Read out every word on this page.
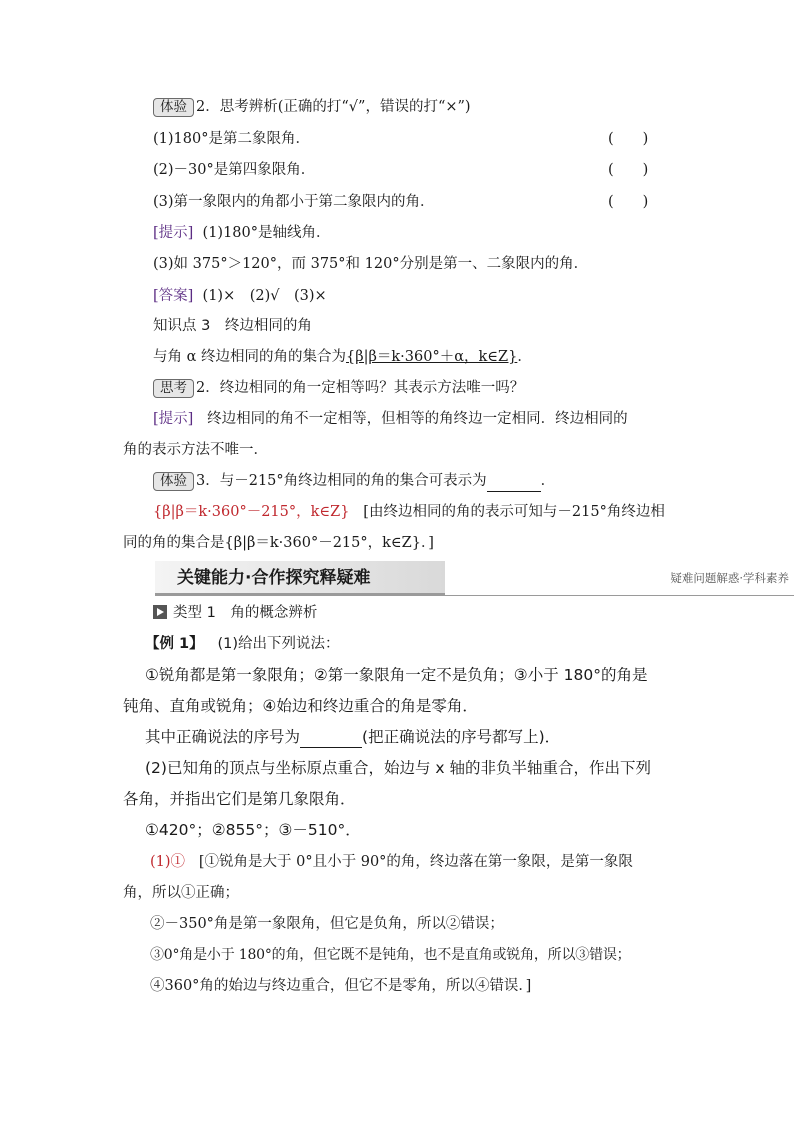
体验 2．思考辨析(正确的打“√”，错误的打“×”)
(1)180°是第二象限角．	(　　)
(2)－30°是第四象限角．	(　　)
(3)第一象限内的角都小于第二象限内的角．	(　　)
[提示] (1)180°是轴线角．
(3)如 375°＞120°，而 375°和 120°分别是第一、二象限内的角．
[答案] (1)×　(2)√　(3)×
知识点 3　终边相同的角
与角 α 终边相同的角的集合为{β|β＝k·360°＋α，k∈Z}．
思考 2．终边相同的角一定相等吗？其表示方法唯一吗？
[提示] 终边相同的角不一定相等，但相等的角终边一定相同．终边相同的
角的表示方法不唯一．
体验 3．与－215°角终边相同的角的集合可表示为	．
{β|β＝k·360°－215°，k∈Z} [由终边相同的角的表示可知与－215°角终边相
同的角的集合是{β|β＝k·360°－215°，k∈Z}．]
关键能力·合作探究释疑难	疑难问题解惑·学科素养
类型 1　角的概念辨析
【例 1】 (1)给出下列说法：
①锐角都是第一象限角；②第一象限角一定不是负角；③小于 180°的角是
钝角、直角或锐角；④始边和终边重合的角是零角．
其中正确说法的序号为	(把正确说法的序号都写上)．
(2)已知角的顶点与坐标原点重合，始边与 x 轴的非负半轴重合，作出下列
各角，并指出它们是第几象限角．
①420°；②855°；③－510°．
(1)① [①锐角是大于 0°且小于 90°的角，终边落在第一象限，是第一象限
角，所以①正确；
②－350°角是第一象限角，但它是负角，所以②错误；
③0°角是小于 180°的角，但它既不是钝角，也不是直角或锐角，所以③错误；
④360°角的始边与终边重合，但它不是零角，所以④错误．]
